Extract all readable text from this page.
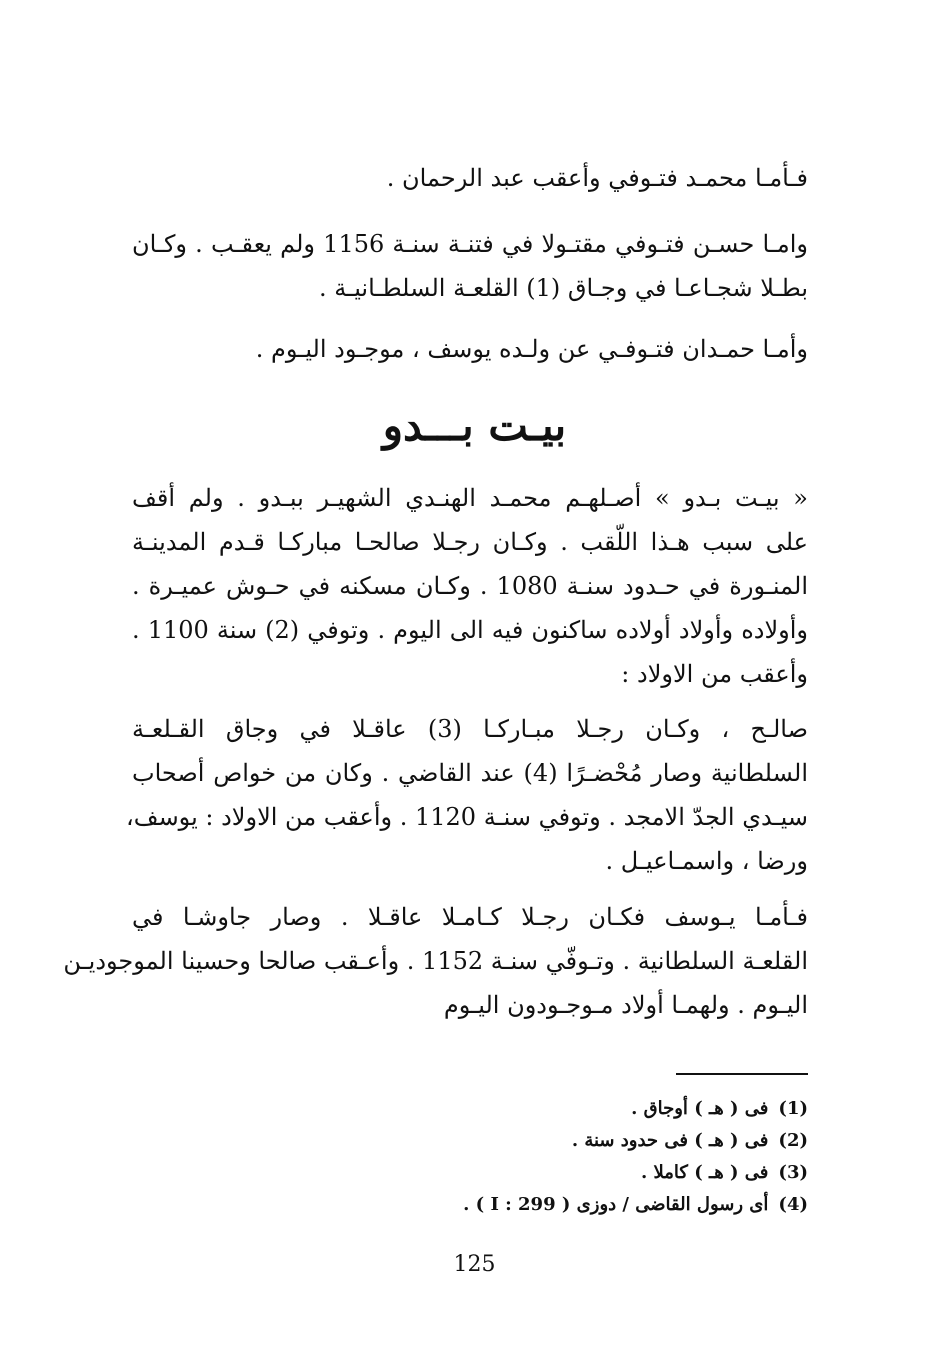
فـأمـا محمـد فتـوفي وأعقب عبد الرحمان .
وامـا حسـن فتـوفي مقتـولا في فتنـة سنـة 1156 ولم يعقـب . وكـان
بطـلا شجـاعـا في وجـاق (1) القلعـة السلطـانيـة .
وأمـا حمـدان فتـوفـي عن ولـده يوسف ، موجـود اليـوم .
بيـت بـــدو
« بيـت بـدو » أصـلهـم محمـد الهنـدي الشهيـر ببـدو . ولم أقف
على سبب هـذا اللّقب . وكـان رجـلا صالحـا مباركـا قـدم المدينـة
المنـورة في حـدود سنـة 1080 . وكـان مسكنه في حـوش عميـرة .
وأولاده وأولاد أولاده ساكنون فيه الى اليوم . وتوفي (2) سنة 1100 .
وأعقب من الاولاد :
صالـح ، وكـان رجـلا مبـاركـا (3) عاقـلا في وجاق القـلعـة
السلطانية وصار مُحْضـرًا (4) عند القاضي . وكان من خواص أصحاب
سيـدي الجدّ الامجد . وتوفي سنـة 1120 . وأعقب من الاولاد : يوسف،
ورضا ، واسمـاعيـل .
فـأمـا يـوسف فكـان رجـلا كـامـلا عاقـلا . وصار جاوشـا في
القلعـة السلطانية . وتـوفّي سنـة 1152 . وأعـقب صالحا وحسينا الموجوديـن
اليـوم . ولهمـا أولاد مـوجـودون اليـوم
(1)فى ( هـ ) أوجاق .
(2)فى ( هـ ) فى حدود سنة .
(3)فى ( هـ ) كاملا .
(4)أى رسول القاضى / دوزى ( I : 299 ) .
125
